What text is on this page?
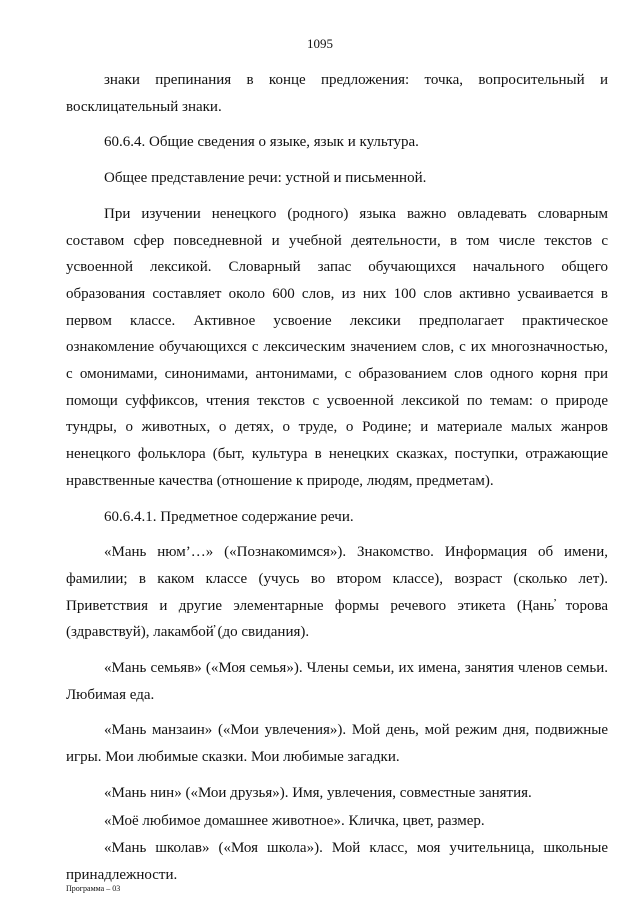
1095

знаки препинания в конце предложения: точка, вопросительный и восклицательный знаки.

60.6.4. Общие сведения о языке, язык и культура.

Общее представление речи: устной и письменной.

При изучении ненецкого (родного) языка важно овладевать словарным составом сфер повседневной и учебной деятельности, в том числе текстов с усвоенной лексикой. Словарный запас обучающихся начального общего образования составляет около 600 слов, из них 100 слов активно усваивается в первом классе. Активное усвоение лексики предполагает практическое ознакомление обучающихся с лексическим значением слов, с их многозначностью, с омонимами, синонимами, антонимами, с образованием слов одного корня при помощи суффиксов, чтения текстов с усвоенной лексикой по темам: о природе тундры, о животных, о детях, о труде, о Родине; и материале малых жанров ненецкого фольклора (быт, культура в ненецких сказках, поступки, отражающие нравственные качества (отношение к природе, людям, предметам).

60.6.4.1. Предметное содержание речи.

«Мань нюм’…» («Познакомимся»). Знакомство. Информация об имени, фамилии; в каком классе (учусь во втором классе), возраст (сколько лет). Приветствия и другие элементарные формы речевого этикета (Ңань̕ торова (здравствуй), лакамбой̕ (до свидания).

«Мань семьяв» («Моя семья»). Члены семьи, их имена, занятия членов семьи. Любимая еда.

«Мань манзаин» («Мои увлечения»). Мой день, мой режим дня, подвижные игры. Мои любимые сказки. Мои любимые загадки.

«Мань нин» («Мои друзья»). Имя, увлечения, совместные занятия.

«Моё любимое домашнее животное». Кличка, цвет, размер.

«Мань школав» («Моя школа»). Мой класс, моя учительница, школьные принадлежности.

Программа – 03
